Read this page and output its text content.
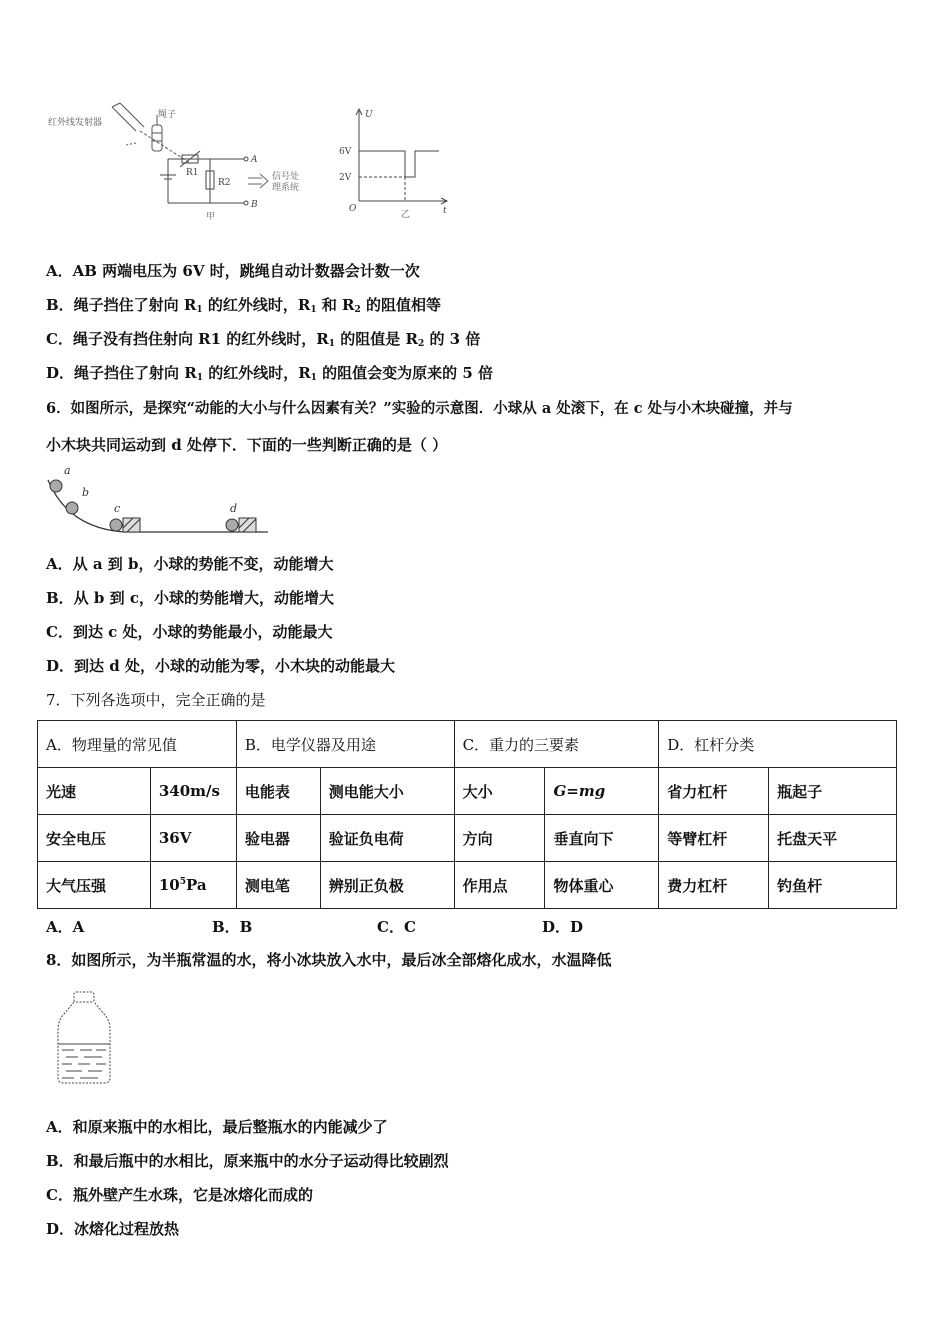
红外线发射器
绳子
R1
R2
A
B
信号处
理系统
甲
U
t
O
6V
2V
乙
A．AB 两端电压为 6V 时，跳绳自动计数器会计数一次
B．绳子挡住了射向 $R_1$ 的红外线时，$R_1$ 和 $R_2$ 的阻值相等
C．绳子没有挡住射向 R1 的红外线时，$R_1$ 的阻值是 $R_2$ 的 3 倍
D．绳子挡住了射向 $R_1$ 的红外线时，$R_1$ 的阻值会变为原来的 5 倍
6．如图所示，是探究“动能的大小与什么因素有关？”实验的示意图．小球从 a 处滚下，在 c 处与小木块碰撞，并与
小木块共同运动到 d 处停下．下面的一些判断正确的是（ ）
a
b
c	d
A．从 a 到 b，小球的势能不变，动能增大
B．从 b 到 c，小球的势能增大，动能增大
C．到达 c 处，小球的势能最小，动能最大
D．到达 d 处，小球的动能为零，小木块的动能最大
7．下列各选项中，完全正确的是
A．物理量的常见值		B．电学仪器及用途		C．重力的三要素		D．杠杆分类	
光速	340m/s	电能表	测电能大小	大小	G=mg	省力杠杆	瓶起子
安全电压	36V	验电器	验证负电荷	方向	垂直向下	等臂杠杆	托盘天平
大气压强	$10^5Pa$	测电笔	辨别正负极	作用点	物体重心	费力杠杆	钓鱼杆
A．A	B．B	C．C	D．D
8．如图所示，为半瓶常温的水，将小冰块放入水中，最后冰全部熔化成水，水温降低
A．和原来瓶中的水相比，最后整瓶水的内能减少了
B．和最后瓶中的水相比，原来瓶中的水分子运动得比较剧烈
C．瓶外壁产生水珠，它是冰熔化而成的
D．冰熔化过程放热
